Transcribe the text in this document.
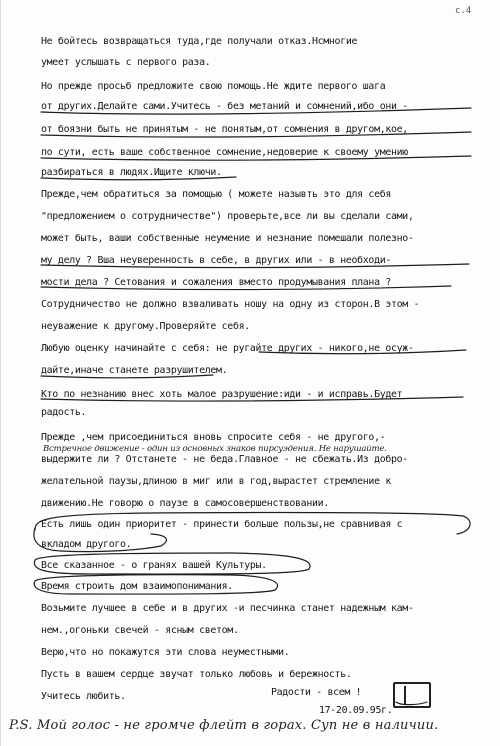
c.4
Не бойтесь возвращаться туда,где получали отказ.Нсмногие
умеет услышать с первого раза.
Но прежде просьб предложите свою помощь.Не ждите первого шага
от других.Делайте сами.Учитесь - без метаний и сомнений,ибо они -
от боязни быть не принятым - не понятым,от сомнения в другом,кое,
по сути, есть ваше собственное сомнение,недоверие к своему умению
разбираться в людях.Ищите ключи.
Прежде,чем обратиться за помощью ( можете назывть это для себя
"предложением о сотрудничестве") проверьте,все ли вы сделали сами,
может быть, ваши собственные неумение и незнание помешали полезно-
му делу ? Вша неуверенность в себе, в других или - в необходи-
мости дела ? Сетования и сожаления вместо продумывания плана ?
Сотрудничество не должно взваливать ношу на одну из сторон.В этом -
неуважение к другому.Проверяйте себя.
Любую оценку начинайте с себя: не ругайте других - никого,не осуж-
дайте,иначе станете разрушителем.
Кто по незнанию внес хоть малое разрушение:иди - и исправь.Будет
радость.
Прежде ,чем присоединиться вновь спросите себя - не другого,-
выдержите ли ? Отстанете - не беда.Главное - не сбежать.Из добро-
желательной паузы,длиною в миг или в год,вырастет стремление к
движению.Не говорю о паузе в самосовершенствовании.
Есть лишь один приоритет - принести больше пользы,не сравнивая с
вкладом другого.
Все сказанное - о гранях вашей Культуры.
Время строить дом взаимопонимания.
Возьмите лучшее в себе и в других -и песчинка станет надежным кам-
нем.,огоньки свечей - ясным светом.
Верю,что но покажутся эти слова неуместными.
Пусть в вашем сердце звучат только любовь и бережность.
Учитесь любить.	Радости - всем !
17-20.09.95г.
Встречное движение - один из основных знаков пирсуэдения. Не нарушайте.
P.S. Мой голос - не громче флейт в горах. Суп не в наличии.
